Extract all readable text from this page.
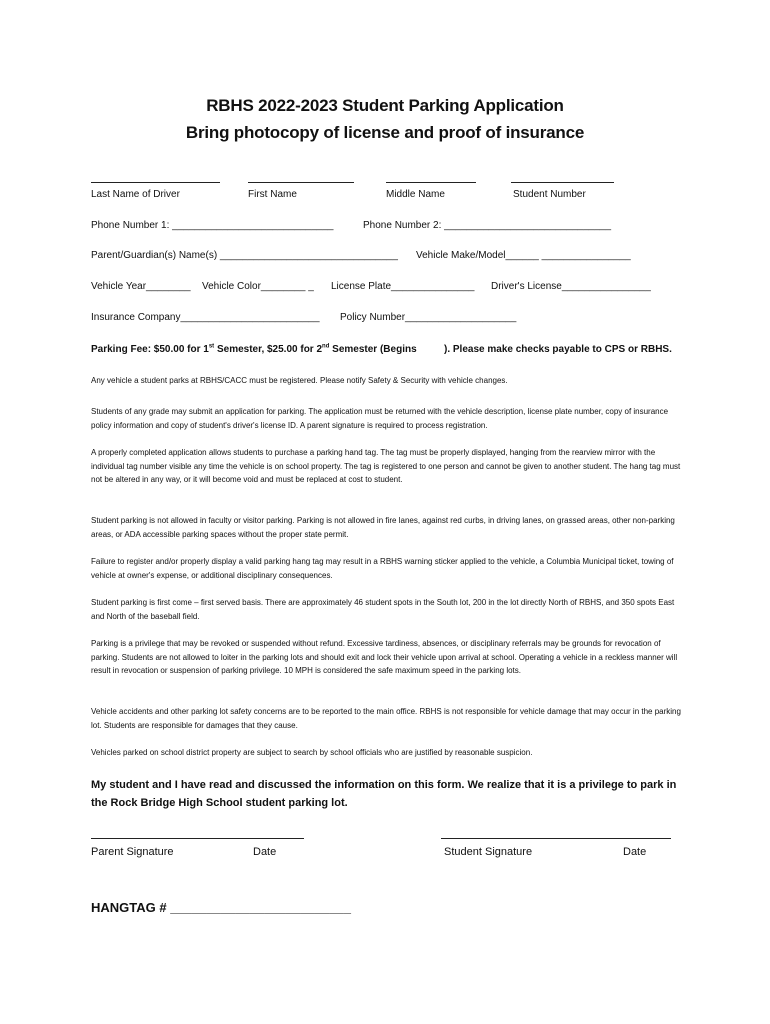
RBHS 2022-2023 Student Parking Application
Bring photocopy of license and proof of insurance
Last Name of Driver	First Name	Middle Name	Student Number
Phone Number 1: _____________________________	Phone Number 2: ______________________________
Parent/Guardian(s) Name(s) ________________________________ Vehicle Make/Model______ ________________
Vehicle Year________ Vehicle Color________ _ License Plate_______________ Driver's License________________
Insurance Company_________________________ Policy Number____________________
Parking Fee: $50.00 for 1st Semester, $25.00 for 2nd Semester (Begins	). Please make checks payable to CPS or RBHS.
Any vehicle a student parks at RBHS/CACC must be registered. Please notify Safety & Security with vehicle changes.
Students of any grade may submit an application for parking. The application must be returned with the vehicle description, license plate number, copy of insurance policy information and copy of student's driver's license ID. A parent signature is required to process registration.
A properly completed application allows students to purchase a parking hand tag. The tag must be properly displayed, hanging from the rearview mirror with the individual tag number visible any time the vehicle is on school property. The tag is registered to one person and cannot be given to another student. The hang tag must not be altered in any way, or it will become void and must be replaced at cost to student.
Student parking is not allowed in faculty or visitor parking. Parking is not allowed in fire lanes, against red curbs, in driving lanes, on grassed areas, other non-parking areas, or ADA accessible parking spaces without the proper state permit.
Failure to register and/or properly display a valid parking hang tag may result in a RBHS warning sticker applied to the vehicle, a Columbia Municipal ticket, towing of vehicle at owner's expense, or additional disciplinary consequences.
Student parking is first come – first served basis. There are approximately 46 student spots in the South lot, 200 in the lot directly North of RBHS, and 350 spots East and North of the baseball field.
Parking is a privilege that may be revoked or suspended without refund. Excessive tardiness, absences, or disciplinary referrals may be grounds for revocation of parking. Students are not allowed to loiter in the parking lots and should exit and lock their vehicle upon arrival at school. Operating a vehicle in a reckless manner will result in revocation or suspension of parking privilege. 10 MPH is considered the safe maximum speed in the parking lots.
Vehicle accidents and other parking lot safety concerns are to be reported to the main office. RBHS is not responsible for vehicle damage that may occur in the parking lot. Students are responsible for damages that they cause.
Vehicles parked on school district property are subject to search by school officials who are justified by reasonable suspicion.
My student and I have read and discussed the information on this form. We realize that it is a privilege to park in the Rock Bridge High School student parking lot.
Parent Signature	Date	Student Signature	Date
HANGTAG # _________________________
